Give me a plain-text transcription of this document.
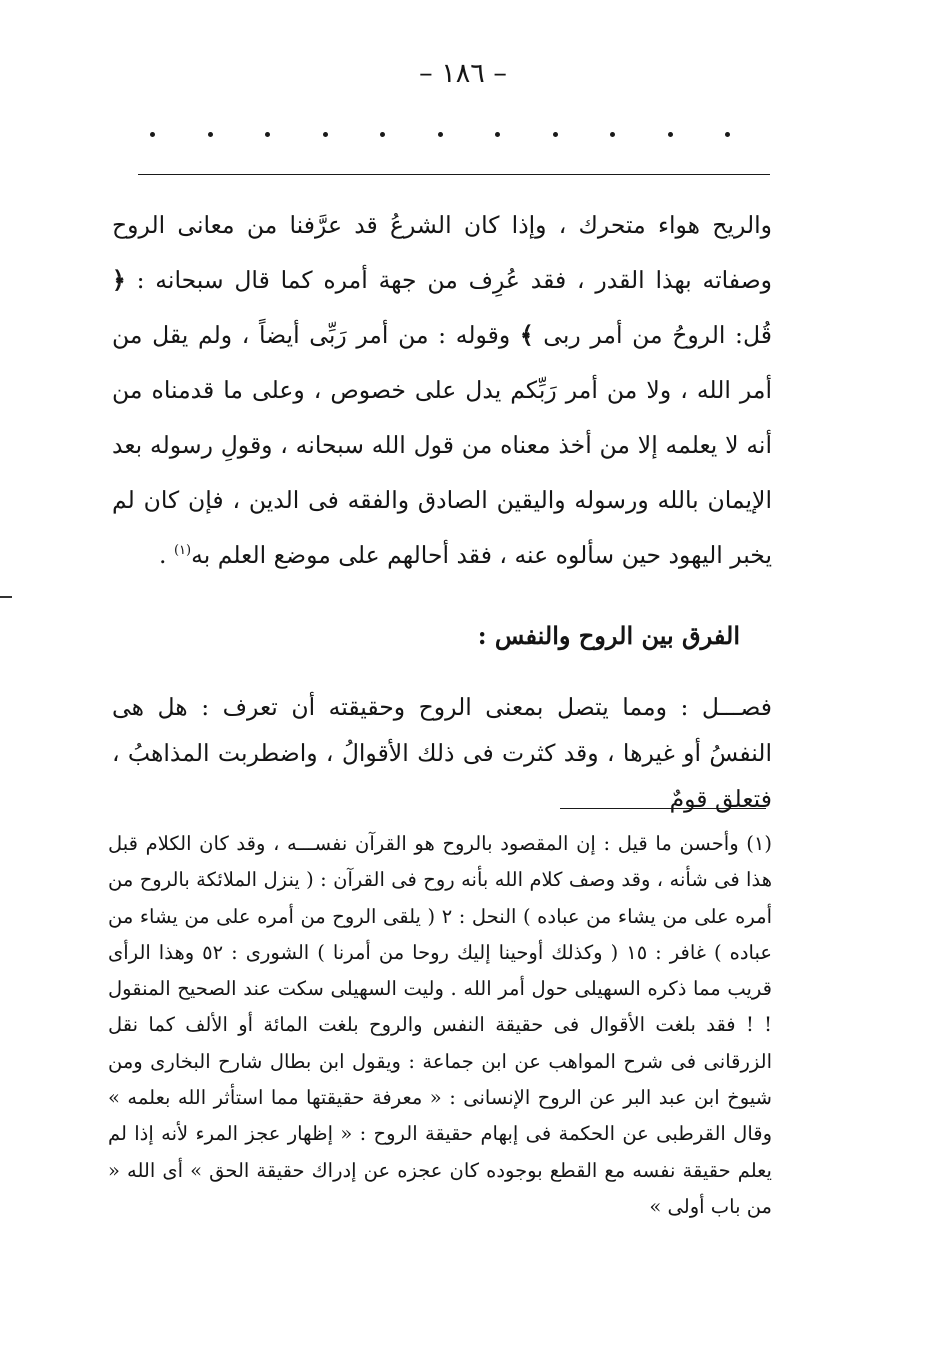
– ١٨٦ –

والريح هواء متحرك ، وإذا كان الشرعُ قد عرَّفنا من معانى الروح وصفاته بهذا القدر ، فقد عُرِف من جهة أمره كما قال سبحانه : ﴿ قُل: الروحُ من أمر ربى ﴾ وقوله : من أمر رَبِّى أيضاً ، ولم يقل من أمر الله ، ولا من أمر رَبِّكم يدل على خصوص ، وعلى ما قدمناه من أنه لا يعلمه إلا من أخذ معناه من قول الله سبحانه ، وقولِ رسوله بعد الإيمان بالله ورسوله واليقين الصادق والفقه فى الدين ، فإن كان لم يخبر اليهود حين سألوه عنه ، فقد أحالهم على موضع العلم به$^{(١)}$ .

الفرق بين الروح والنفس :

فصـــل : ومما يتصل بمعنى الروح وحقيقته أن تعرف : هل هى النفسُ أو غيرها ، وقد كثرت فى ذلك الأقوالُ ، واضطربت المذاهبُ ، فتعلق قومٌ

(١) وأحسن ما قيل : إن المقصود بالروح هو القرآن نفســـه ، وقد كان الكلام قبل هذا فى شأنه ، وقد وصف كلام الله بأنه روح فى القرآن : ( ينزل الملائكة بالروح من أمره على من يشاء من عباده ) النحل : ٢ ( يلقى الروح من أمره على من يشاء من عباده ) غافر : ١٥ ( وكذلك أوحينا إليك روحا من أمرنا ) الشورى : ٥٢ وهذا الرأى قريب مما ذكره السهيلى حول أمر الله . وليت السهيلى سكت عند الصحيح المنقول ! ! فقد بلغت الأقوال فى حقيقة النفس والروح بلغت المائة أو الألف كما نقل الزرقانى فى شرح المواهب عن ابن جماعة : ويقول ابن بطال شارح البخارى ومن شيوخ ابن عبد البر عن الروح الإنسانى : « معرفة حقيقتها مما استأثر الله بعلمه » وقال القرطبى عن الحكمة فى إبهام حقيقة الروح : « إظهار عجز المرء لأنه إذا لم يعلم حقيقة نفسه مع القطع بوجوده كان عجزه عن إدراك حقيقة الحق » أى الله « من باب أولى »
